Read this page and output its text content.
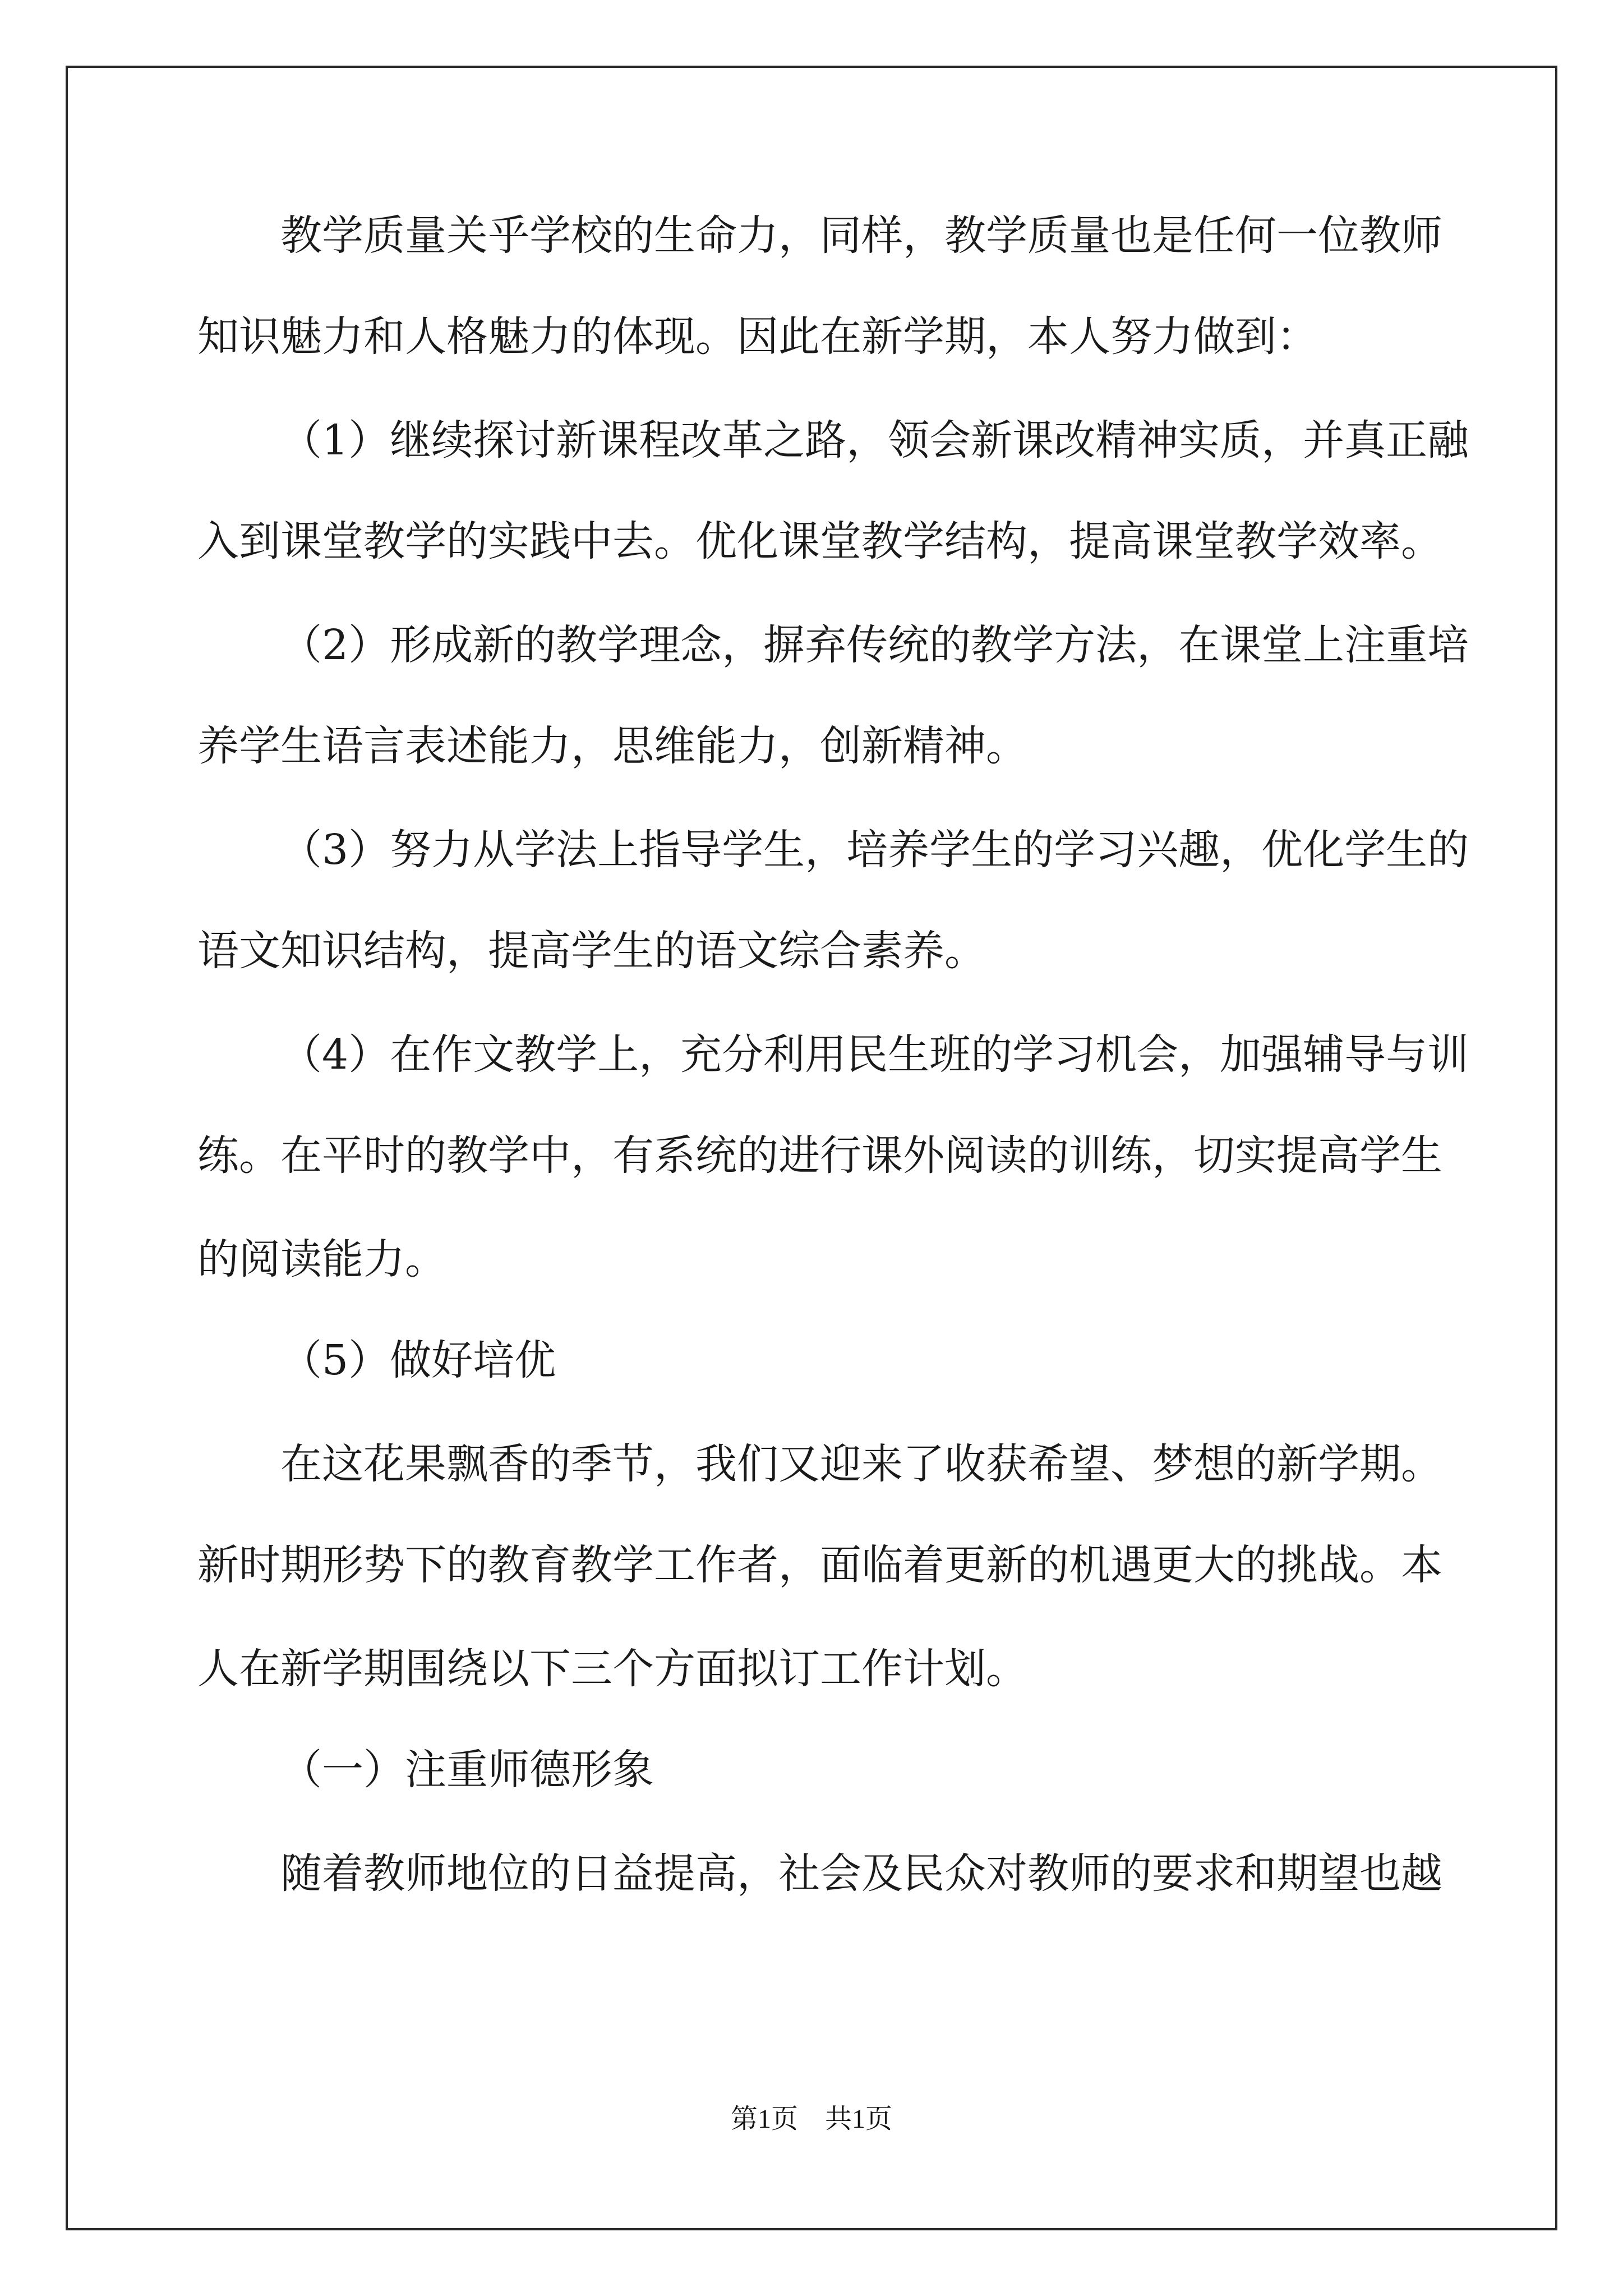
教学质量关乎学校的生命力，同样，教学质量也是任何一位教师
知识魅力和人格魅力的体现。因此在新学期，本人努力做到：
（1）继续探讨新课程改革之路，领会新课改精神实质，并真正融
入到课堂教学的实践中去。优化课堂教学结构，提高课堂教学效率。
（2）形成新的教学理念，摒弃传统的教学方法，在课堂上注重培
养学生语言表述能力，思维能力，创新精神。
（3）努力从学法上指导学生，培养学生的学习兴趣，优化学生的
语文知识结构，提高学生的语文综合素养。
（4）在作文教学上，充分利用民生班的学习机会，加强辅导与训
练。在平时的教学中，有系统的进行课外阅读的训练，切实提高学生
的阅读能力。
（5）做好培优
在这花果飘香的季节，我们又迎来了收获希望、梦想的新学期。
新时期形势下的教育教学工作者，面临着更新的机遇更大的挑战。本
人在新学期围绕以下三个方面拟订工作计划。
（一）注重师德形象
随着教师地位的日益提高，社会及民众对教师的要求和期望也越
第1页　共1页
